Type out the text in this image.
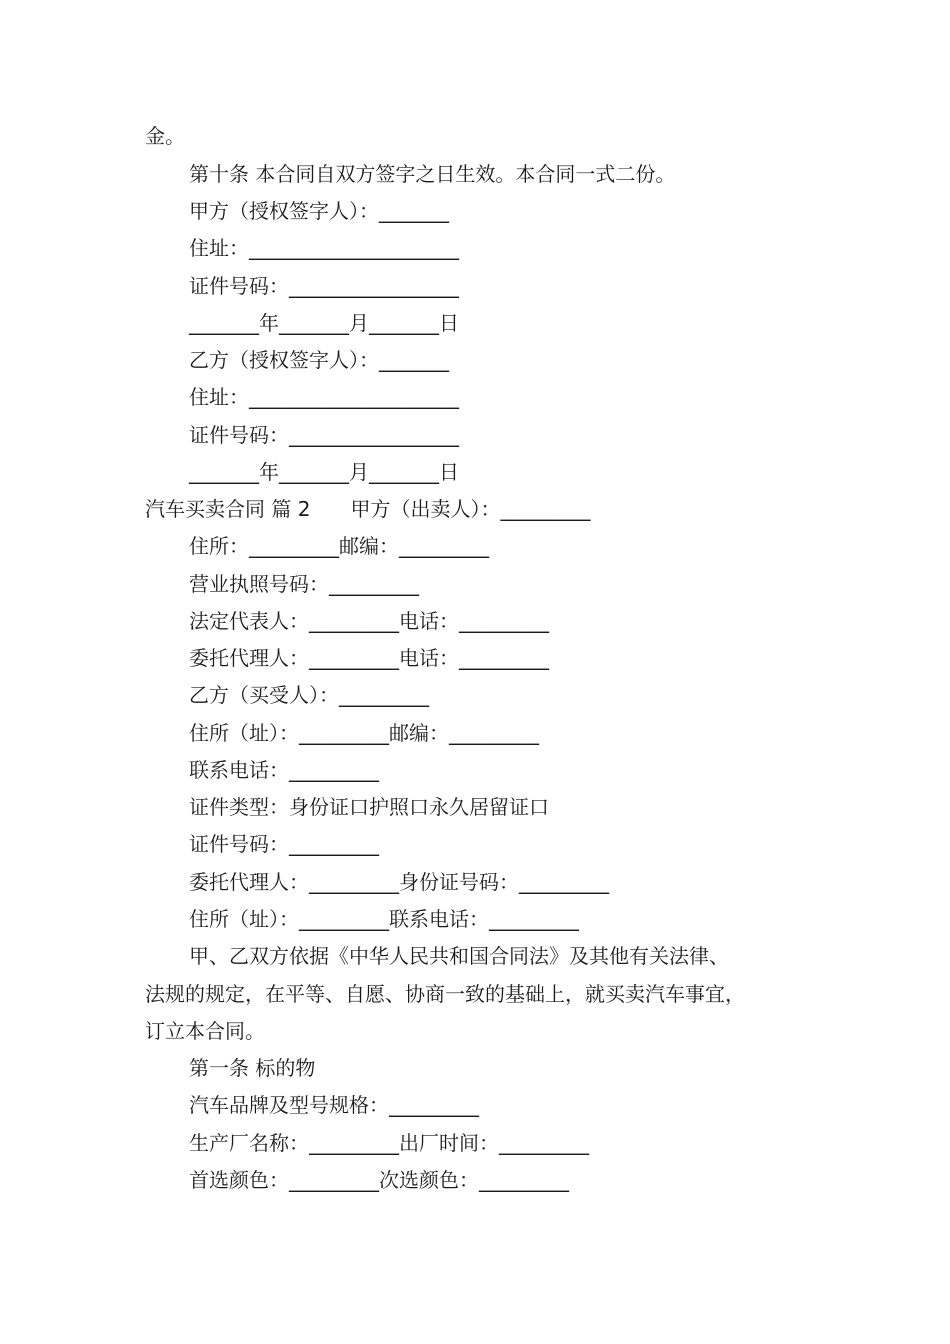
金。
第十条 本合同自双方签字之日生效。本合同一式二份。
甲方（授权签字人）：_______
住址：_____________________
证件号码：_________________
_______年_______月_______日
乙方（授权签字人）：_______
住址：_____________________
证件号码：_________________
_______年_______月_______日
汽车买卖合同 篇 2　　甲方（出卖人）：_________
住所：_________邮编：_________
营业执照号码：_________
法定代表人：_________电话：_________
委托代理人：_________电话：_________
乙方（买受人）：_________
住所（址）：_________邮编：_________
联系电话：_________
证件类型：身份证口护照口永久居留证口
证件号码：_________
委托代理人：_________身份证号码：_________
住所（址）：_________联系电话：_________
甲、乙双方依据《中华人民共和国合同法》及其他有关法律、
法规的规定，在平等、自愿、协商一致的基础上，就买卖汽车事宜，
订立本合同。
第一条 标的物
汽车品牌及型号规格：_________
生产厂名称：_________出厂时间：_________
首选颜色：_________次选颜色：_________
